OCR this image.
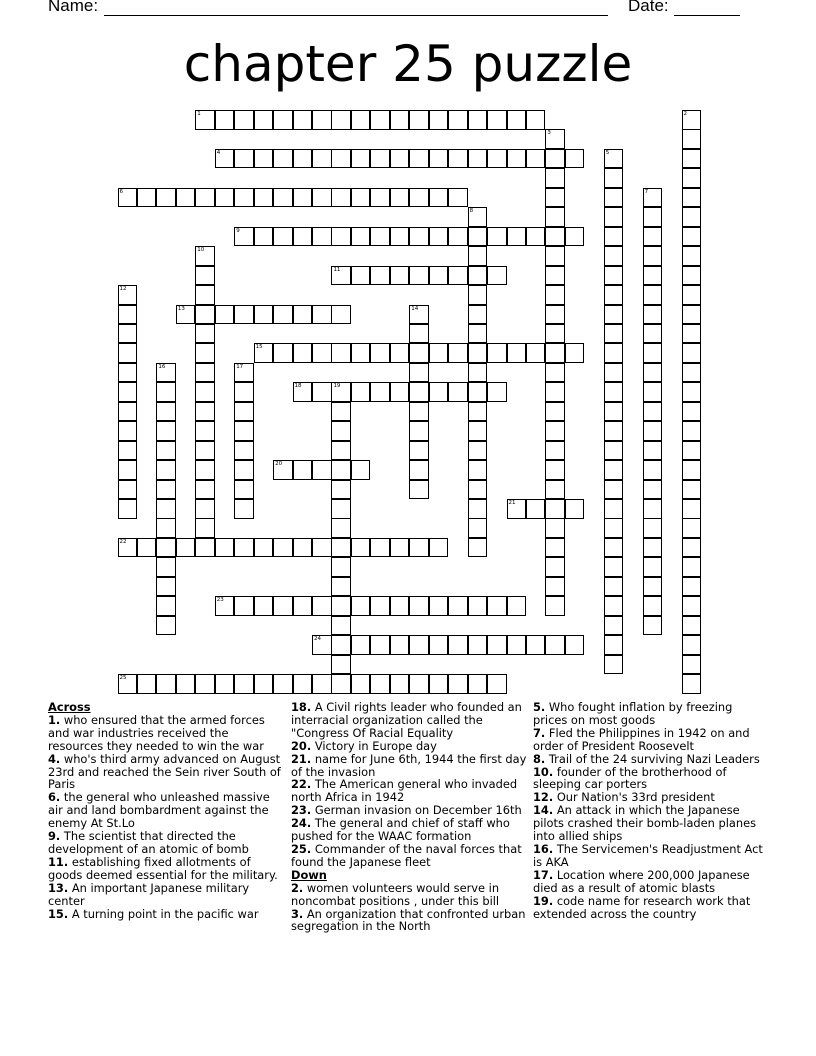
Name:	Date:
chapter 25 puzzle
1	2
3
4	5
6	7
8
9
10
11
12
13	14
15
16	17
18	19
20
21
22
23
24
25

Across

1. who ensured that the armed forces and war industries received the resources they needed to win the war

4. who's third army advanced on August 23rd and reached the Sein river South of Paris

6. the general who unleashed massive air and land bombardment against the enemy At St.Lo

9. The scientist that directed the development of an atomic of bomb

11. establishing fixed allotments of goods deemed essential for the military.

13. An important Japanese military center

15. A turning point in the pacific war

18. A Civil rights leader who founded an interracial organization called the "Congress Of Racial Equality

20. Victory in Europe day

21. name for June 6th, 1944 the first day of the invasion

22. The American general who invaded north Africa in 1942

23. German invasion on December 16th

24. The general and chief of staff who pushed for the WAAC formation

25. Commander of the naval forces that found the Japanese fleet

Down

2. women volunteers would serve in noncombat positions , under this bill

3. An organization that confronted urban segregation in the North

5. Who fought inflation by freezing prices on most goods

7. Fled the Philippines in 1942 on and order of President Roosevelt

8. Trail of the 24 surviving Nazi Leaders

10. founder of the brotherhood of sleeping car porters

12. Our Nation's 33rd president

14. An attack in which the Japanese pilots crashed their bomb-laden planes into allied ships

16. The Servicemen's Readjustment Act is AKA

17. Location where 200,000 Japanese died as a result of atomic blasts

19. code name for research work that extended across the country
